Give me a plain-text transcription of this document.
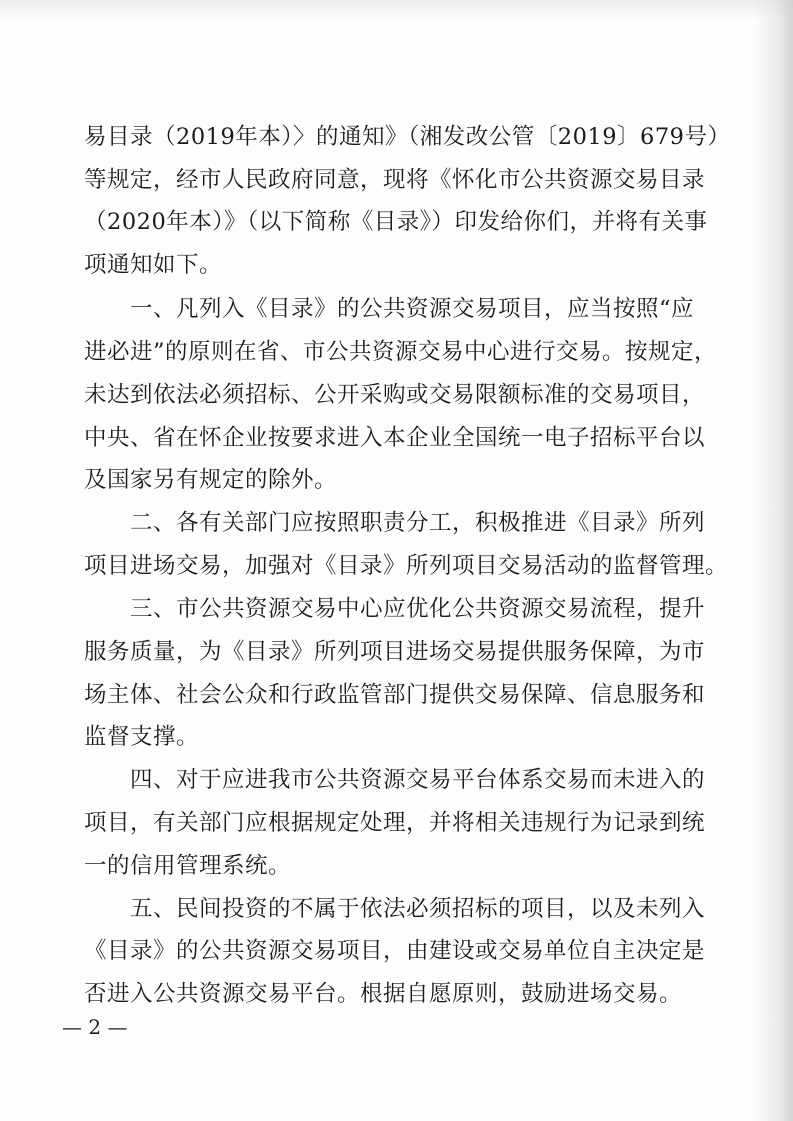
易目录（2019年本）〉的通知》（湘发改公管〔2019〕679号）
等规定，经市人民政府同意，现将《怀化市公共资源交易目录
（2020年本）》（以下简称《目录》）印发给你们，并将有关事
项通知如下。
　　一、凡列入《目录》的公共资源交易项目，应当按照“应
进必进”的原则在省、市公共资源交易中心进行交易。按规定，
未达到依法必须招标、公开采购或交易限额标准的交易项目，
中央、省在怀企业按要求进入本企业全国统一电子招标平台以
及国家另有规定的除外。
　　二、各有关部门应按照职责分工，积极推进《目录》所列
项目进场交易，加强对《目录》所列项目交易活动的监督管理。
　　三、市公共资源交易中心应优化公共资源交易流程，提升
服务质量，为《目录》所列项目进场交易提供服务保障，为市
场主体、社会公众和行政监管部门提供交易保障、信息服务和
监督支撑。
　　四、对于应进我市公共资源交易平台体系交易而未进入的
项目，有关部门应根据规定处理，并将相关违规行为记录到统
一的信用管理系统。
　　五、民间投资的不属于依法必须招标的项目，以及未列入
《目录》的公共资源交易项目，由建设或交易单位自主决定是
否进入公共资源交易平台。根据自愿原则，鼓励进场交易。
— 2 —
